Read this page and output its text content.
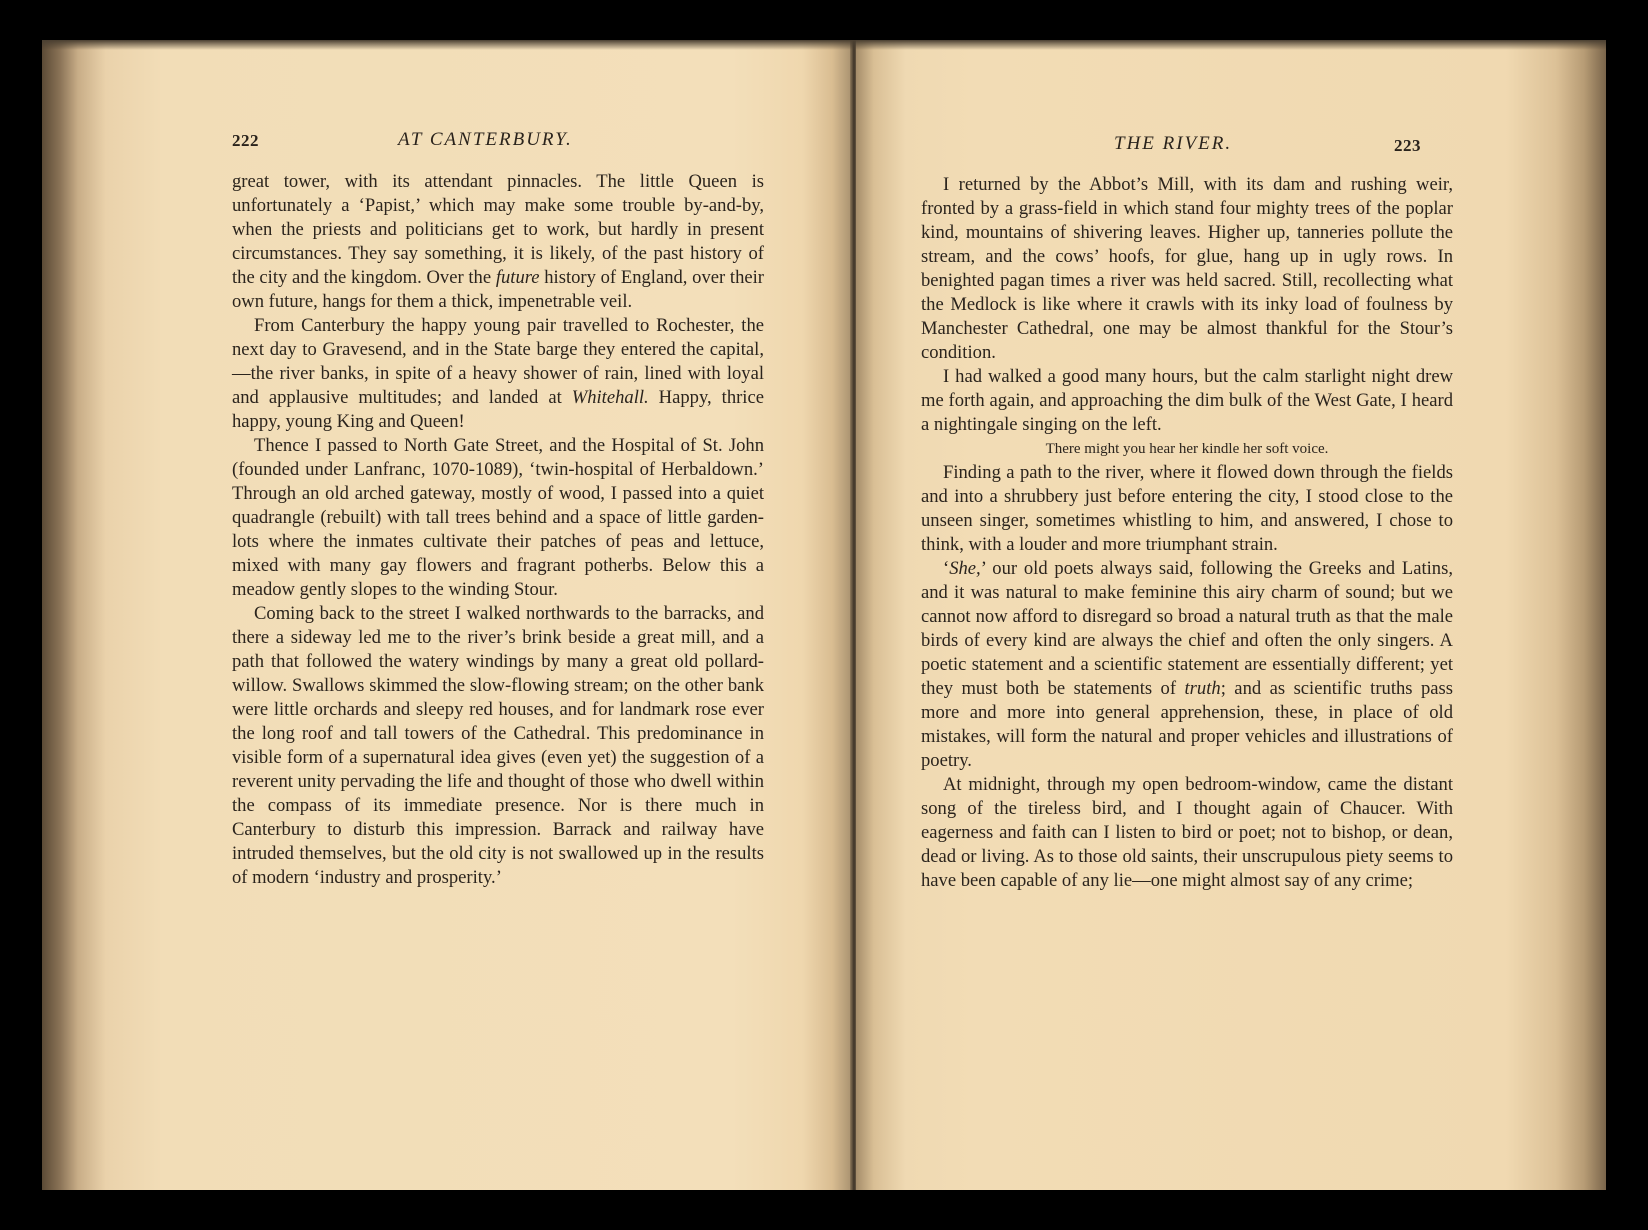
222	AT CANTERBURY.

great tower, with its attendant pinnacles. The little Queen is unfortunately a ‘Papist,’ which may make some trouble by-and-by, when the priests and politicians get to work, but hardly in present circumstances. They say something, it is likely, of the past history of the city and the kingdom. Over the future history of England, over their own future, hangs for them a thick, impenetrable veil.

From Canterbury the happy young pair travelled to Rochester, the next day to Gravesend, and in the State barge they entered the capital,—the river banks, in spite of a heavy shower of rain, lined with loyal and applausive multitudes; and landed at Whitehall. Happy, thrice happy, young King and Queen!

Thence I passed to North Gate Street, and the Hospital of St. John (founded under Lanfranc, 1070-1089), ‘twin-hospital of Herbaldown.’ Through an old arched gateway, mostly of wood, I passed into a quiet quadrangle (rebuilt) with tall trees behind and a space of little garden-lots where the inmates cultivate their patches of peas and lettuce, mixed with many gay flowers and fragrant potherbs. Below this a meadow gently slopes to the winding Stour.

Coming back to the street I walked northwards to the barracks, and there a sideway led me to the river’s brink beside a great mill, and a path that followed the watery windings by many a great old pollard-willow. Swallows skimmed the slow-flowing stream; on the other bank were little orchards and sleepy red houses, and for landmark rose ever the long roof and tall towers of the Cathedral. This predominance in visible form of a supernatural idea gives (even yet) the suggestion of a reverent unity pervading the life and thought of those who dwell within the compass of its immediate presence. Nor is there much in Canterbury to disturb this impression. Barrack and railway have intruded themselves, but the old city is not swallowed up in the results of modern ‘industry and prosperity.’

THE RIVER.	223

I returned by the Abbot’s Mill, with its dam and rushing weir, fronted by a grass-field in which stand four mighty trees of the poplar kind, mountains of shivering leaves. Higher up, tanneries pollute the stream, and the cows’ hoofs, for glue, hang up in ugly rows. In benighted pagan times a river was held sacred. Still, recollecting what the Medlock is like where it crawls with its inky load of foulness by Manchester Cathedral, one may be almost thankful for the Stour’s condition.

I had walked a good many hours, but the calm starlight night drew me forth again, and approaching the dim bulk of the West Gate, I heard a nightingale singing on the left.

There might you hear her kindle her soft voice.

Finding a path to the river, where it flowed down through the fields and into a shrubbery just before entering the city, I stood close to the unseen singer, sometimes whistling to him, and answered, I chose to think, with a louder and more triumphant strain.

‘She,’ our old poets always said, following the Greeks and Latins, and it was natural to make feminine this airy charm of sound; but we cannot now afford to disregard so broad a natural truth as that the male birds of every kind are always the chief and often the only singers. A poetic statement and a scientific statement are essentially different; yet they must both be statements of truth; and as scientific truths pass more and more into general apprehension, these, in place of old mistakes, will form the natural and proper vehicles and illustrations of poetry.

At midnight, through my open bedroom-window, came the distant song of the tireless bird, and I thought again of Chaucer. With eagerness and faith can I listen to bird or poet; not to bishop, or dean, dead or living. As to those old saints, their unscrupulous piety seems to have been capable of any lie—one might almost say of any crime;
